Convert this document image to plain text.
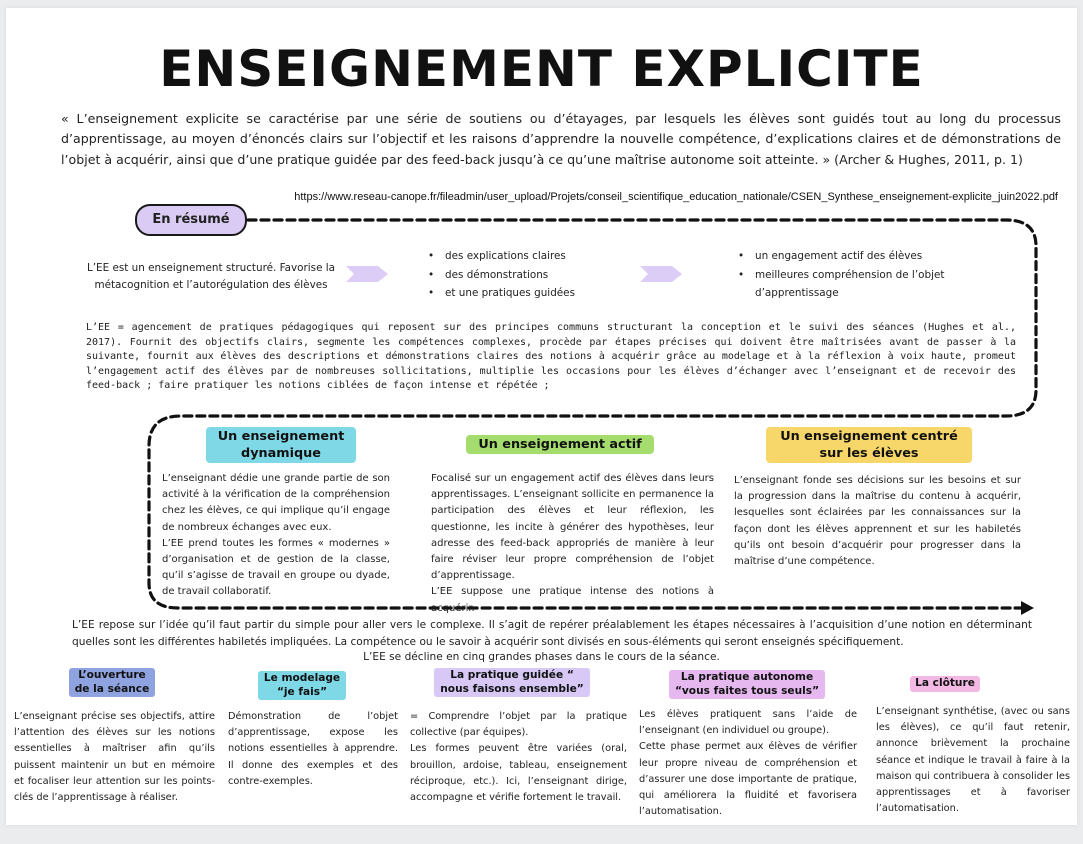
ENSEIGNEMENT EXPLICITE
« L’enseignement explicite se caractérise par une série de soutiens ou d’étayages, par lesquels les élèves sont guidés tout au long du processus d’apprentissage, au moyen d’énoncés clairs sur l’objectif et les raisons d’apprendre la nouvelle compétence, d’explications claires et de démonstrations de l’objet à acquérir, ainsi que d’une pratique guidée par des feed-back jusqu’à ce qu’une maîtrise autonome soit atteinte. » (Archer & Hughes, 2011, p. 1)
https://www.reseau-canope.fr/fileadmin/user_upload/Projets/conseil_scientifique_education_nationale/CSEN_Synthese_enseignement-explicite_juin2022.pdf
En résumé
L’EE est un enseignement structuré. Favorise la métacognition et l’autorégulation des élèves
• des explications claires
• des démonstrations
• et une pratiques guidées
• un engagement actif des élèves
• meilleures compréhension de l’objet d’apprentissage
L’EE = agencement de pratiques pédagogiques qui reposent sur des principes communs structurant la conception et le suivi des séances (Hughes et al., 2017). Fournit des objectifs clairs, segmente les compétences complexes, procède par étapes précises qui doivent être maîtrisées avant de passer à la suivante, fournit aux élèves des descriptions et démonstrations claires des notions à acquérir grâce au modelage et à la réflexion à voix haute, promeut l’engagement actif des élèves par de nombreuses sollicitations, multiplie les occasions pour les élèves d’échanger avec l’enseignant et de recevoir des feed-back ; faire pratiquer les notions ciblées de façon intense et répétée ;
Un enseignement dynamique
Un enseignement actif
Un enseignement centré sur les élèves
L’enseignant dédie une grande partie de son activité à la vérification de la compréhension chez les élèves, ce qui implique qu’il engage de nombreux échanges avec eux.
L’EE prend toutes les formes « modernes » d’organisation et de gestion de la classe, qu’il s’agisse de travail en groupe ou dyade, de travail collaboratif.
Focalisé sur un engagement actif des élèves dans leurs apprentissages. L’enseignant sollicite en permanence la participation des élèves et leur réflexion, les questionne, les incite à générer des hypothèses, leur adresse des feed-back appropriés de manière à leur faire réviser leur propre compréhension de l’objet d’apprentissage.
L’EE suppose une pratique intense des notions à acquérir.
L’enseignant fonde ses décisions sur les besoins et sur la progression dans la maîtrise du contenu à acquérir, lesquelles sont éclairées par les connaissances sur la façon dont les élèves apprennent et sur les habiletés qu’ils ont besoin d’acquérir pour progresser dans la maîtrise d’une compétence.
L’EE repose sur l’idée qu’il faut partir du simple pour aller vers le complexe. Il s’agit de repérer préalablement les étapes nécessaires à l’acquisition d’une notion en déterminant quelles sont les différentes habiletés impliquées. La compétence ou le savoir à acquérir sont divisés en sous-éléments qui seront enseignés spécifiquement.
L’EE se décline en cinq grandes phases dans le cours de la séance.
L’ouverture de la séance
Le modelage “je fais”
La pratique guidée “ nous faisons ensemble”
La pratique autonome “vous faites tous seuls”
La clôture
L’enseignant précise ses objectifs, attire l’attention des élèves sur les notions essentielles à maîtriser afin qu’ils puissent maintenir un but en mémoire et focaliser leur attention sur les points-clés de l’apprentissage à réaliser.
Démonstration de l’objet d’apprentissage, expose les notions essentielles à apprendre. Il donne des exemples et des contre-exemples.
= Comprendre l’objet par la pratique collective (par équipes).
Les formes peuvent être variées (oral, brouillon, ardoise, tableau, enseignement réciproque, etc.). Ici, l’enseignant dirige, accompagne et vérifie fortement le travail.
Les élèves pratiquent sans l’aide de l’enseignant (en individuel ou groupe).
Cette phase permet aux élèves de vérifier leur propre niveau de compréhension et d’assurer une dose importante de pratique, qui améliorera la fluidité et favorisera l’automatisation.
L’enseignant synthétise, (avec ou sans les élèves), ce qu’il faut retenir, annonce brièvement la prochaine séance et indique le travail à faire à la maison qui contribuera à consolider les apprentissages et à favoriser l’automatisation.
